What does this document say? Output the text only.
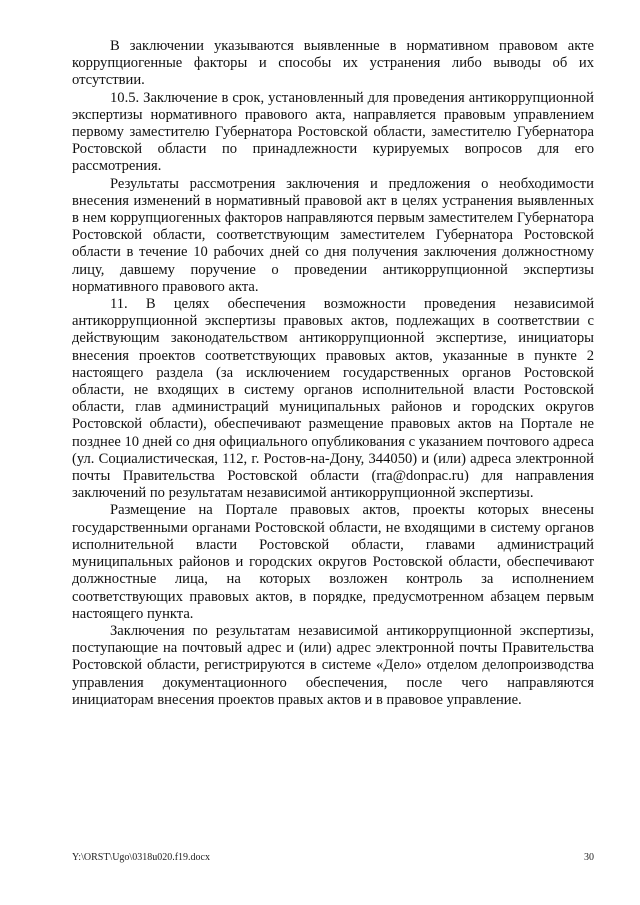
В заключении указываются выявленные в нормативном правовом акте коррупциогенные факторы и способы их устранения либо выводы об их отсутствии.

10.5. Заключение в срок, установленный для проведения антикоррупционной экспертизы нормативного правового акта, направляется правовым управлением первому заместителю Губернатора Ростовской области, заместителю Губернатора Ростовской области по принадлежности курируемых вопросов для его рассмотрения.

Результаты рассмотрения заключения и предложения о необходимости внесения изменений в нормативный правовой акт в целях устранения выявленных в нем коррупциогенных факторов направляются первым заместителем Губернатора Ростовской области, соответствующим заместителем Губернатора Ростовской области в течение 10 рабочих дней со дня получения заключения должностному лицу, давшему поручение о проведении антикоррупционной экспертизы нормативного правового акта.

11. В целях обеспечения возможности проведения независимой антикоррупционной экспертизы правовых актов, подлежащих в соответствии с действующим законодательством антикоррупционной экспертизе, инициаторы внесения проектов соответствующих правовых актов, указанные в пункте 2 настоящего раздела (за исключением государственных органов Ростовской области, не входящих в систему органов исполнительной власти Ростовской области, глав администраций муниципальных районов и городских округов Ростовской области), обеспечивают размещение правовых актов на Портале не позднее 10 дней со дня официального опубликования с указанием почтового адреса (ул. Социалистическая, 112, г. Ростов-на-Дону, 344050) и (или) адреса электронной почты Правительства Ростовской области (rra@donpac.ru) для направления заключений по результатам независимой антикоррупционной экспертизы.

Размещение на Портале правовых актов, проекты которых внесены государственными органами Ростовской области, не входящими в систему органов исполнительной власти Ростовской области, главами администраций муниципальных районов и городских округов Ростовской области, обеспечивают должностные лица, на которых возложен контроль за исполнением соответствующих правовых актов, в порядке, предусмотренном абзацем первым настоящего пункта.

Заключения по результатам независимой антикоррупционной экспертизы, поступающие на почтовый адрес и (или) адрес электронной почты Правительства Ростовской области, регистрируются в системе «Дело» отделом делопроизводства управления документационного обеспечения, после чего направляются инициаторам внесения проектов правых актов и в правовое управление.

Y:\ORST\Ugo\0318u020.f19.docx	30
